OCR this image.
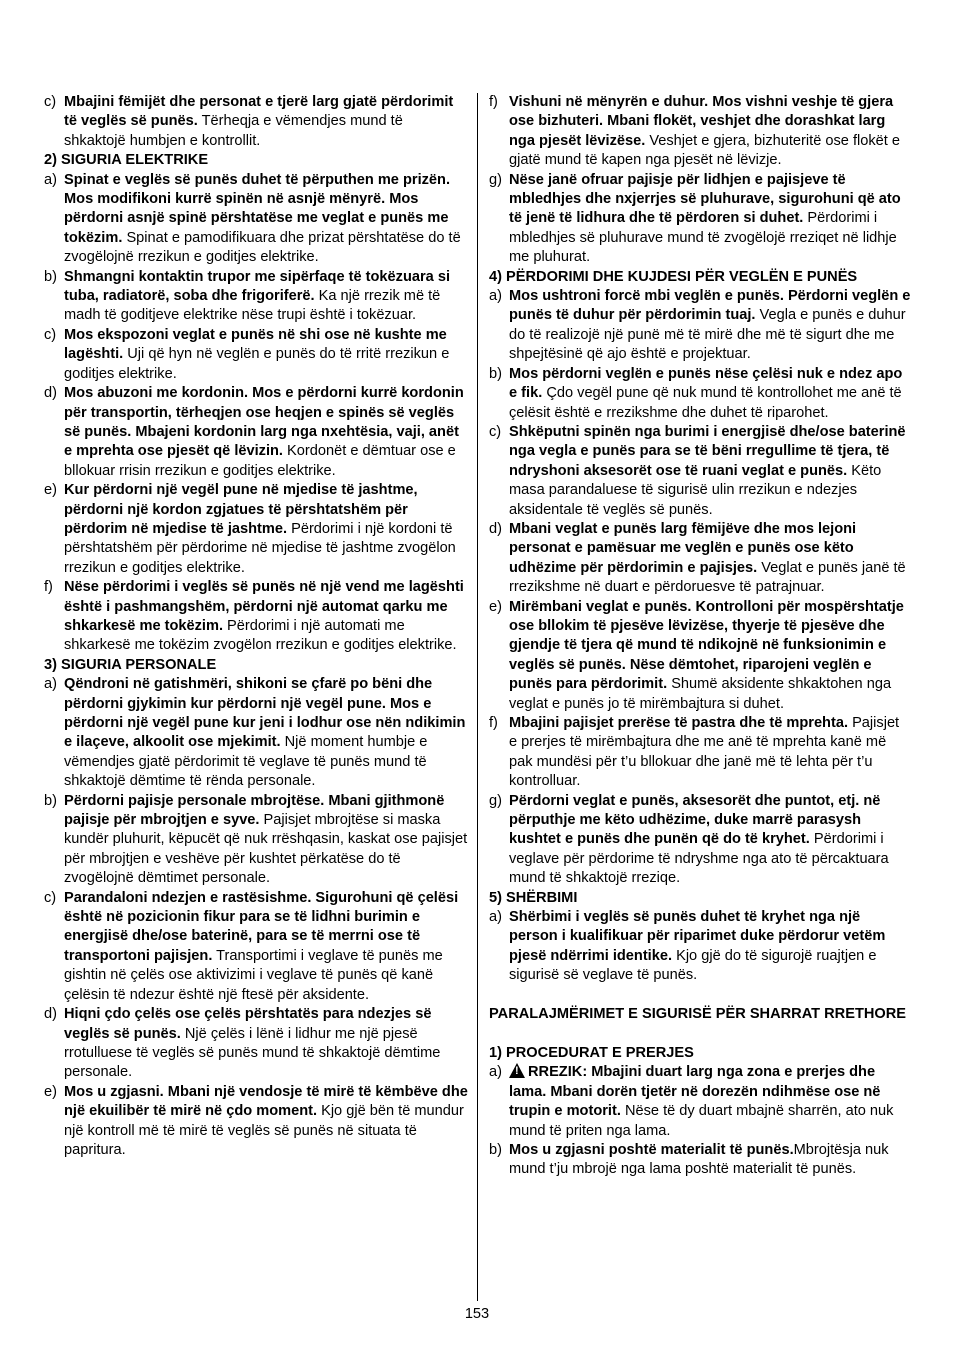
c) Mbajini fëmijët dhe personat e tjerë larg gjatë përdorimit të veglës së punës. Tërheqja e vëmendjes mund të shkaktojë humbjen e kontrollit.
2) SIGURIA ELEKTRIKE
a) Spinat e veglës së punës duhet të përputhen me prizën. Mos modifikoni kurrë spinën në asnjë mënyrë. Mos përdorni asnjë spinë përshtatëse me veglat e punës me tokëzim. Spinat e pamodifikuara dhe prizat përshtatëse do të zvogëlojnë rrezikun e goditjes elektrike.
b) Shmangni kontaktin trupor me sipërfaqe të tokëzuara si tuba, radiatorë, soba dhe frigoriferë. Ka një rrezik më të madh të goditjeve elektrike nëse trupi është i tokëzuar.
c) Mos ekspozoni veglat e punës në shi ose në kushte me lagështi. Uji që hyn në veglën e punës do të rritë rrezikun e goditjes elektrike.
d) Mos abuzoni me kordonin. Mos e përdorni kurrë kordonin për transportin, tërheqjen ose heqjen e spinës së veglës së punës. Mbajeni kordonin larg nga nxehtësia, vaji, anët e mprehta ose pjesët që lëvizin. Kordonët e dëmtuar ose e bllokuar rrisin rrezikun e goditjes elektrike.
e) Kur përdorni një vegël pune në mjedise të jashtme, përdorni një kordon zgjatues të përshtatshëm për përdorim në mjedise të jashtme. Përdorimi i një kordoni të përshtatshëm për përdorime në mjedise të jashtme zvogëlon rrezikun e goditjes elektrike.
f) Nëse përdorimi i veglës së punës në një vend me lagështi është i pashmangshëm, përdorni një automat qarku me shkarkesë me tokëzim. Përdorimi i një automati me shkarkesë me tokëzim zvogëlon rrezikun e goditjes elektrike.
3) SIGURIA PERSONALE
a) Qëndroni në gatishmëri, shikoni se çfarë po bëni dhe përdorni gjykimin kur përdorni një vegël pune. Mos e përdorni një vegël pune kur jeni i lodhur ose nën ndikimin e ilaçeve, alkoolit ose mjekimit. Një moment humbje e vëmendjes gjatë përdorimit të veglave të punës mund të shkaktojë dëmtime të rënda personale.
b) Përdorni pajisje personale mbrojtëse. Mbani gjithmonë pajisje për mbrojtjen e syve. Pajisjet mbrojtëse si maska kundër pluhurit, këpucët që nuk rrëshqasin, kaskat ose pajisjet për mbrojtjen e veshëve për kushtet përkatëse do të zvogëlojnë dëmtimet personale.
c) Parandaloni ndezjen e rastësishme. Sigurohuni që çelësi është në pozicionin fikur para se të lidhni burimin e energjisë dhe/ose baterinë, para se të merrni ose të transportoni pajisjen. Transportimi i veglave të punës me gishtin në çelës ose aktivizimi i veglave të punës që kanë çelësin të ndezur është një ftesë për aksidente.
d) Hiqni çdo çelës ose çelës përshtatës para ndezjes së veglës së punës. Një çelës i lënë i lidhur me një pjesë rrotulluese të veglës së punës mund të shkaktojë dëmtime personale.
e) Mos u zgjasni. Mbani një vendosje të mirë të këmbëve dhe një ekuilibër të mirë në çdo moment. Kjo gjë bën të mundur një kontroll më të mirë të veglës së punës në situata të papritura.
f) Vishuni në mënyrën e duhur. Mos vishni veshje të gjera ose bizhuteri. Mbani flokët, veshjet dhe dorashkat larg nga pjesët lëvizëse. Veshjet e gjera, bizhuteritë ose flokët e gjatë mund të kapen nga pjesët në lëvizje.
g) Nëse janë ofruar pajisje për lidhjen e pajisjeve të mbledhjes dhe nxjerrjes së pluhurave, sigurohuni që ato të jenë të lidhura dhe të përdoren si duhet. Përdorimi i mbledhjes së pluhurave mund të zvogëlojë rreziqet në lidhje me pluhurat.
4) PËRDORIMI DHE KUJDESI PËR VEGLËN E PUNËS
a) Mos ushtroni forcë mbi veglën e punës. Përdorni veglën e punës të duhur për përdorimin tuaj. Vegla e punës e duhur do të realizojë një punë më të mirë dhe më të sigurt dhe me shpejtësinë që ajo është e projektuar.
b) Mos përdorni veglën e punës nëse çelësi nuk e ndez apo e fik. Çdo vegël pune që nuk mund të kontrollohet me anë të çelësit është e rrezikshme dhe duhet të riparohet.
c) Shkëputni spinën nga burimi i energjisë dhe/ose baterinë nga vegla e punës para se të bëni rregullime të tjera, të ndryshoni aksesorët ose të ruani veglat e punës. Këto masa parandaluese të sigurisë ulin rrezikun e ndezjes aksidentale të veglës së punës.
d) Mbani veglat e punës larg fëmijëve dhe mos lejoni personat e pamësuar me veglën e punës ose këto udhëzime për përdorimin e pajisjes. Veglat e punës janë të rrezikshme në duart e përdoruesve të patrajnuar.
e) Mirëmbani veglat e punës. Kontrolloni për mospërshtatje ose bllokim të pjesëve lëvizëse, thyerje të pjesëve dhe gjendje të tjera që mund të ndikojnë në funksionimin e veglës së punës. Nëse dëmtohet, riparojeni veglën e punës para përdorimit. Shumë aksidente shkaktohen nga veglat e punës jo të mirëmbajtura si duhet.
f) Mbajini pajisjet prerëse të pastra dhe të mprehta. Pajisjet e prerjes të mirëmbajtura dhe me anë të mprehta kanë më pak mundësi për t’u bllokuar dhe janë më të lehta për t’u kontrolluar.
g) Përdorni veglat e punës, aksesorët dhe puntot, etj. në përputhje me këto udhëzime, duke marrë parasysh kushtet e punës dhe punën që do të kryhet. Përdorimi i veglave për përdorime të ndryshme nga ato të përcaktuara mund të shkaktojë rreziqe.
5) SHËRBIMI
a) Shërbimi i veglës së punës duhet të kryhet nga një person i kualifikuar për riparimet duke përdorur vetëm pjesë ndërrimi identike. Kjo gjë do të sigurojë ruajtjen e sigurisë së veglave të punës.
PARALAJMËRIMET E SIGURISË PËR SHARRAT RRETHORE
1) PROCEDURAT E PRERJES
a)
!	RREZIK: Mbajini duart larg nga zona e prerjes dhe lama. Mbani dorën tjetër në dorezën ndihmëse ose në trupin e motorit. Nëse të dy duart mbajnë sharrën, ato nuk mund të priten nga lama.
b) Mos u zgjasni poshtë materialit të punës.Mbrojtësja nuk mund t’ju mbrojë nga lama poshtë materialit të punës.
153
